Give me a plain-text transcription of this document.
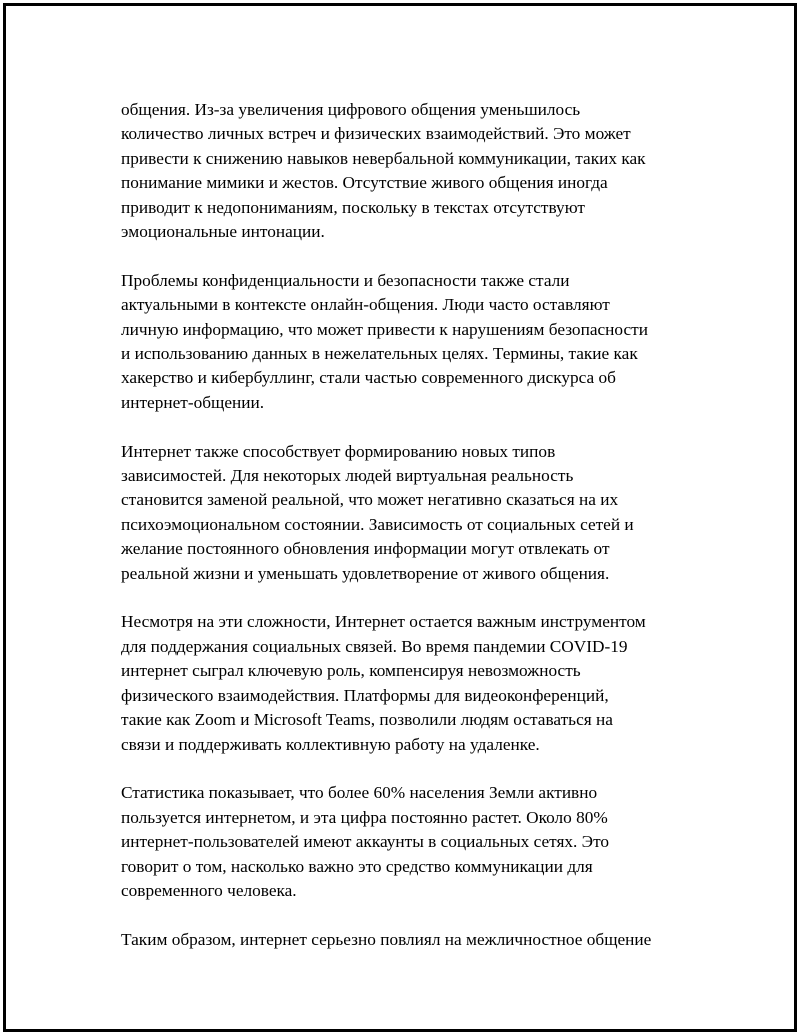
общения. Из-за увеличения цифрового общения уменьшилось
количество личных встреч и физических взаимодействий. Это может
привести к снижению навыков невербальной коммуникации, таких как
понимание мимики и жестов. Отсутствие живого общения иногда
приводит к недопониманиям, поскольку в текстах отсутствуют
эмоциональные интонации.

Проблемы конфиденциальности и безопасности также стали
актуальными в контексте онлайн-общения. Люди часто оставляют
личную информацию, что может привести к нарушениям безопасности
и использованию данных в нежелательных целях. Термины, такие как
хакерство и кибербуллинг, стали частью современного дискурса об
интернет-общении.

Интернет также способствует формированию новых типов
зависимостей. Для некоторых людей виртуальная реальность
становится заменой реальной, что может негативно сказаться на их
психоэмоциональном состоянии. Зависимость от социальных сетей и
желание постоянного обновления информации могут отвлекать от
реальной жизни и уменьшать удовлетворение от живого общения.

Несмотря на эти сложности, Интернет остается важным инструментом
для поддержания социальных связей. Во время пандемии COVID-19
интернет сыграл ключевую роль, компенсируя невозможность
физического взаимодействия. Платформы для видеоконференций,
такие как Zoom и Microsoft Teams, позволили людям оставаться на
связи и поддерживать коллективную работу на удаленке.

Статистика показывает, что более 60% населения Земли активно
пользуется интернетом, и эта цифра постоянно растет. Около 80%
интернет-пользователей имеют аккаунты в социальных сетях. Это
говорит о том, насколько важно это средство коммуникации для
современного человека.

Таким образом, интернет серьезно повлиял на межличностное общение
